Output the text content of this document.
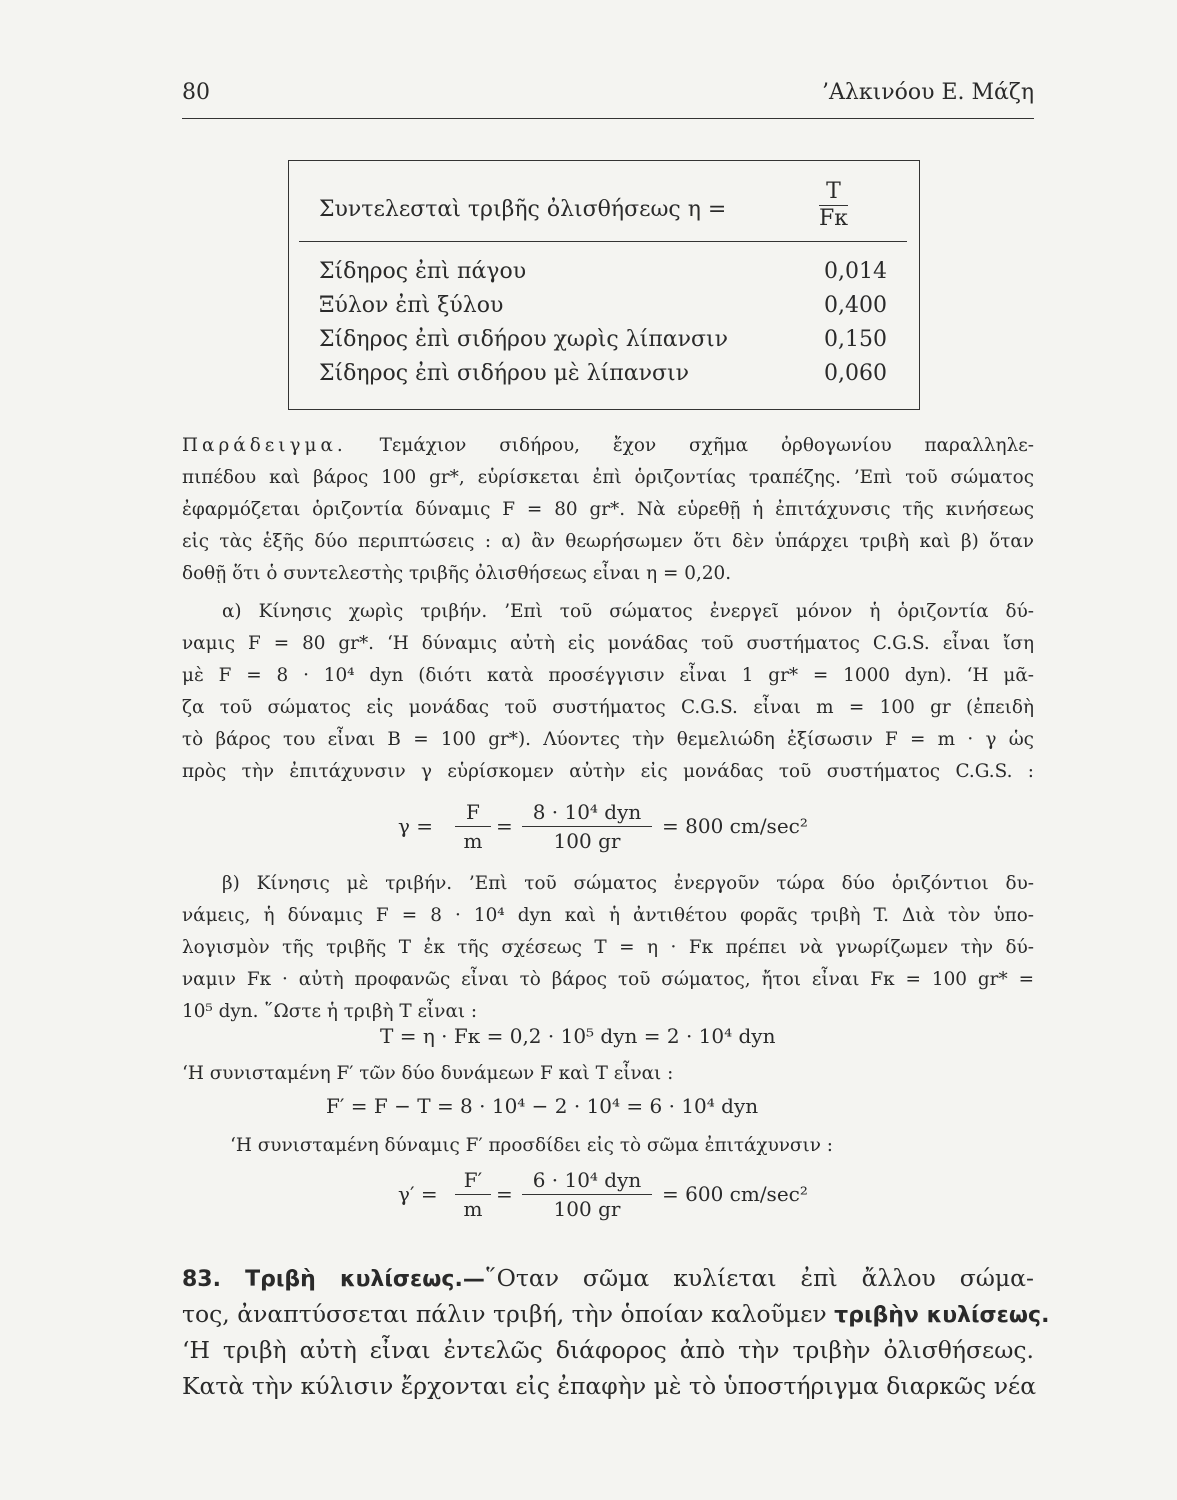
80	’Αλκινόου Ε. Μάζη
Συντελεσταὶ τριβῆς ὀλισθήσεως η =	$\frac{T}{F\kappa}$
Σίδηρος ἐπὶ πάγου	0,014
Ξύλον ἐπὶ ξύλου	0,400
Σίδηρος ἐπὶ σιδήρου χωρὶς λίπανσιν	0,150
Σίδηρος ἐπὶ σιδήρου μὲ λίπανσιν	0,060
Παράδειγμα. Τεμάχιον σιδήρου, ἔχον σχῆμα ὀρθογωνίου παραλληλε-
πιπέδου καὶ βάρος 100 gr*, εὑρίσκεται ἐπὶ ὁριζοντίας τραπέζης. ’Επὶ τοῦ σώματος
ἐφαρμόζεται ὁριζοντία δύναμις F = 80 gr*. Νὰ εὑρεθῇ ἡ ἐπιτάχυνσις τῆς κινήσεως
εἰς τὰς ἑξῆς δύο περιπτώσεις : α) ἂν θεωρήσωμεν ὅτι δὲν ὑπάρχει τριβὴ καὶ β) ὅταν
δοθῇ ὅτι ὁ συντελεστὴς τριβῆς ὀλισθήσεως εἶναι η = 0,20.
α) Κίνησις χωρὶς τριβήν. ’Επὶ τοῦ σώματος ἐνεργεῖ μόνον ἡ ὁριζοντία δύ-
ναμις F = 80 gr*. ‘Η δύναμις αὐτὴ εἰς μονάδας τοῦ συστήματος C.G.S. εἶναι ἴση
μὲ F = 8 · 10⁴ dyn (διότι κατὰ προσέγγισιν εἶναι 1 gr* = 1000 dyn). ‘Η μᾶ-
ζα τοῦ σώματος εἰς μονάδας τοῦ συστήματος C.G.S. εἶναι m = 100 gr (ἐπειδὴ
τὸ βάρος του εἶναι B = 100 gr*). Λύοντες τὴν θεμελιώδη ἐξίσωσιν F = m · γ ὡς
πρὸς τὴν ἐπιτάχυνσιν γ εὑρίσκομεν αὐτὴν εἰς μονάδας τοῦ συστήματος C.G.S. :
$\gamma = \frac{F}{m}$ =
8 · 10⁴ dyn
100 gr
= 800 cm/sec²
β) Κίνησις μὲ τριβήν. ’Επὶ τοῦ σώματος ἐνεργοῦν τώρα δύο ὁριζόντιοι δυ-
νάμεις, ἡ δύναμις F = 8 · 10⁴ dyn καὶ ἡ ἀντιθέτου φορᾶς τριβὴ T. Διὰ τὸν ὑπο-
λογισμὸν τῆς τριβῆς T ἐκ τῆς σχέσεως T = η · Fκ πρέπει νὰ γνωρίζωμεν τὴν δύ-
ναμιν Fκ · αὐτὴ προφανῶς εἶναι τὸ βάρος τοῦ σώματος, ἤτοι εἶναι Fκ = 100 gr* =
10⁵ dyn. ῞Ωστε ἡ τριβὴ T εἶναι :
T = η · Fκ = 0,2 · 10⁵ dyn = 2 · 10⁴ dyn
‘Η συνισταμένη F′ τῶν δύο δυνάμεων F καὶ T εἶναι :
F′ = F − T = 8 · 10⁴ − 2 · 10⁴ = 6 · 10⁴ dyn
‘Η συνισταμένη δύναμις F′ προσδίδει εἰς τὸ σῶμα ἐπιτάχυνσιν :
$\gamma' = \frac{F'}{m}$ =
6 · 10⁴ dyn
100 gr
= 600 cm/sec²
83. Τριβὴ κυλίσεως.—῞Οταν σῶμα κυλίεται ἐπὶ ἄλλου σώμα-
τος, ἀναπτύσσεται πάλιν τριβή, τὴν ὁποίαν καλοῦμεν τριβὴν κυλίσεως.
‘Η τριβὴ αὐτὴ εἶναι ἐντελῶς διάφορος ἀπὸ τὴν τριβὴν ὀλισθήσεως.
Κατὰ τὴν κύλισιν ἔρχονται εἰς ἐπαφὴν μὲ τὸ ὑποστήριγμα διαρκῶς νέα
